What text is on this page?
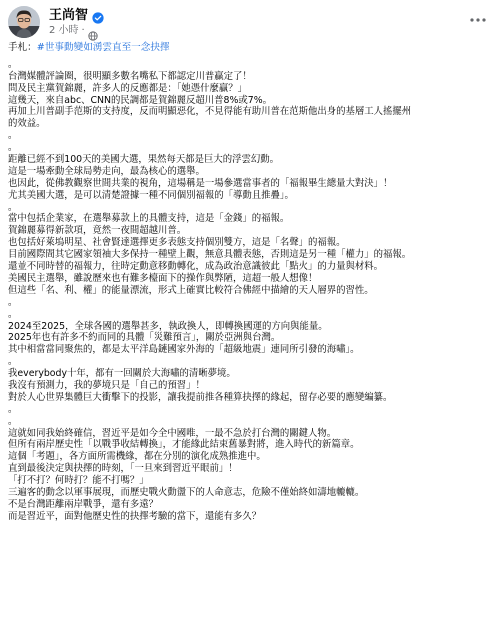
王尚智
2 小時 ·
手札：#世事動變如湧雲直至一念抉擇
。
台灣媒體評論圈，很明顯多數名嘴私下都認定川普贏定了！
問及民主黨賀錦麗，許多人的反應都是：「她憑什麼贏？」
這幾天，來自abc、CNN的民調都是賀錦麗反超川普8%或7%。
再加上川普副手范斯的支持度，反而明顯惡化，不見得能有助川普在范斯他出身的基層工人搖擺州
的效益。
。
。
距離已經不到100天的美國大選，果然每天都是巨大的浮雲幻動。
這是一場牽動全球局勢走向，最為核心的選舉。
也因此，從佛教觀察世間共業的視角，這場稱是一場參選當事者的「福報畢生總量大對決」！
尤其美國大選，是可以清楚證據一種不同個別福報的「導動且推疊」。
。
當中包括企業家，在選舉募款上的具體支持，這是「金錢」的福報。
賀錦麗募得新款項，竟然一夜間超越川普。
也包括好萊塢明星、社會賢達選擇更多表態支持個別雙方，這是「名聲」的福報。
目前國際間其它國家領袖大多保持一種壁上觀，無意具體表態，否則這是另一種「權力」的福報。
還並不同時替的福報力，往時定動意移動轉化，成為政治意識彼此「點火」的力量與材料。
美國民主選舉，雖說歷來也有難多檯面下的操作與弊陋，這超一般人想像！
但這些「名、利、權」的能量漂流，形式上確實比較符合佛經中描繪的天人層界的習性。
。
。
2024至2025，全球各國的選舉甚多，執政換人，即轉換國運的方向與能量。
2025年也有許多不約而同的具體「災難預言」，關於亞洲與台灣。
其中相當當同聚焦的，都是太平洋島鏈國家外海的「超級地震」連同所引發的海嘯」。
。
我everybody十年，都有一回關於大海嘯的清晰夢境。
我沒有預測力，我的夢境只是「自己的預習」！
對於人心世界集體巨大衝擊下的投影，讓我提前推各種算抉擇的緣起，留存必要的應變編纂。
。
。
這就如同我始終確信，習近平是如今全中國唯，一最不急於打台灣的關鍵人物。
但所有兩岸歷史性「以戰爭收結轉換」，才能緣此結束舊暴對將，進入時代的新篇章。
這個「考題」，各方面所需機緣，都在分別的演化成熟推進中。
直到最後決定與抉擇的時刻，「一旦來到習近平眼前」！
「打不打？何時打？能不打嗎？」
三遍客的動念以軍事展現，而歷史戰火動盪下的人命意志，危險不僅始終如濤地轆轆。
不是台灣距離兩岸戰爭，還有多遠？
而是習近平，面對他歷史性的抉擇考驗的當下，還能有多久？
